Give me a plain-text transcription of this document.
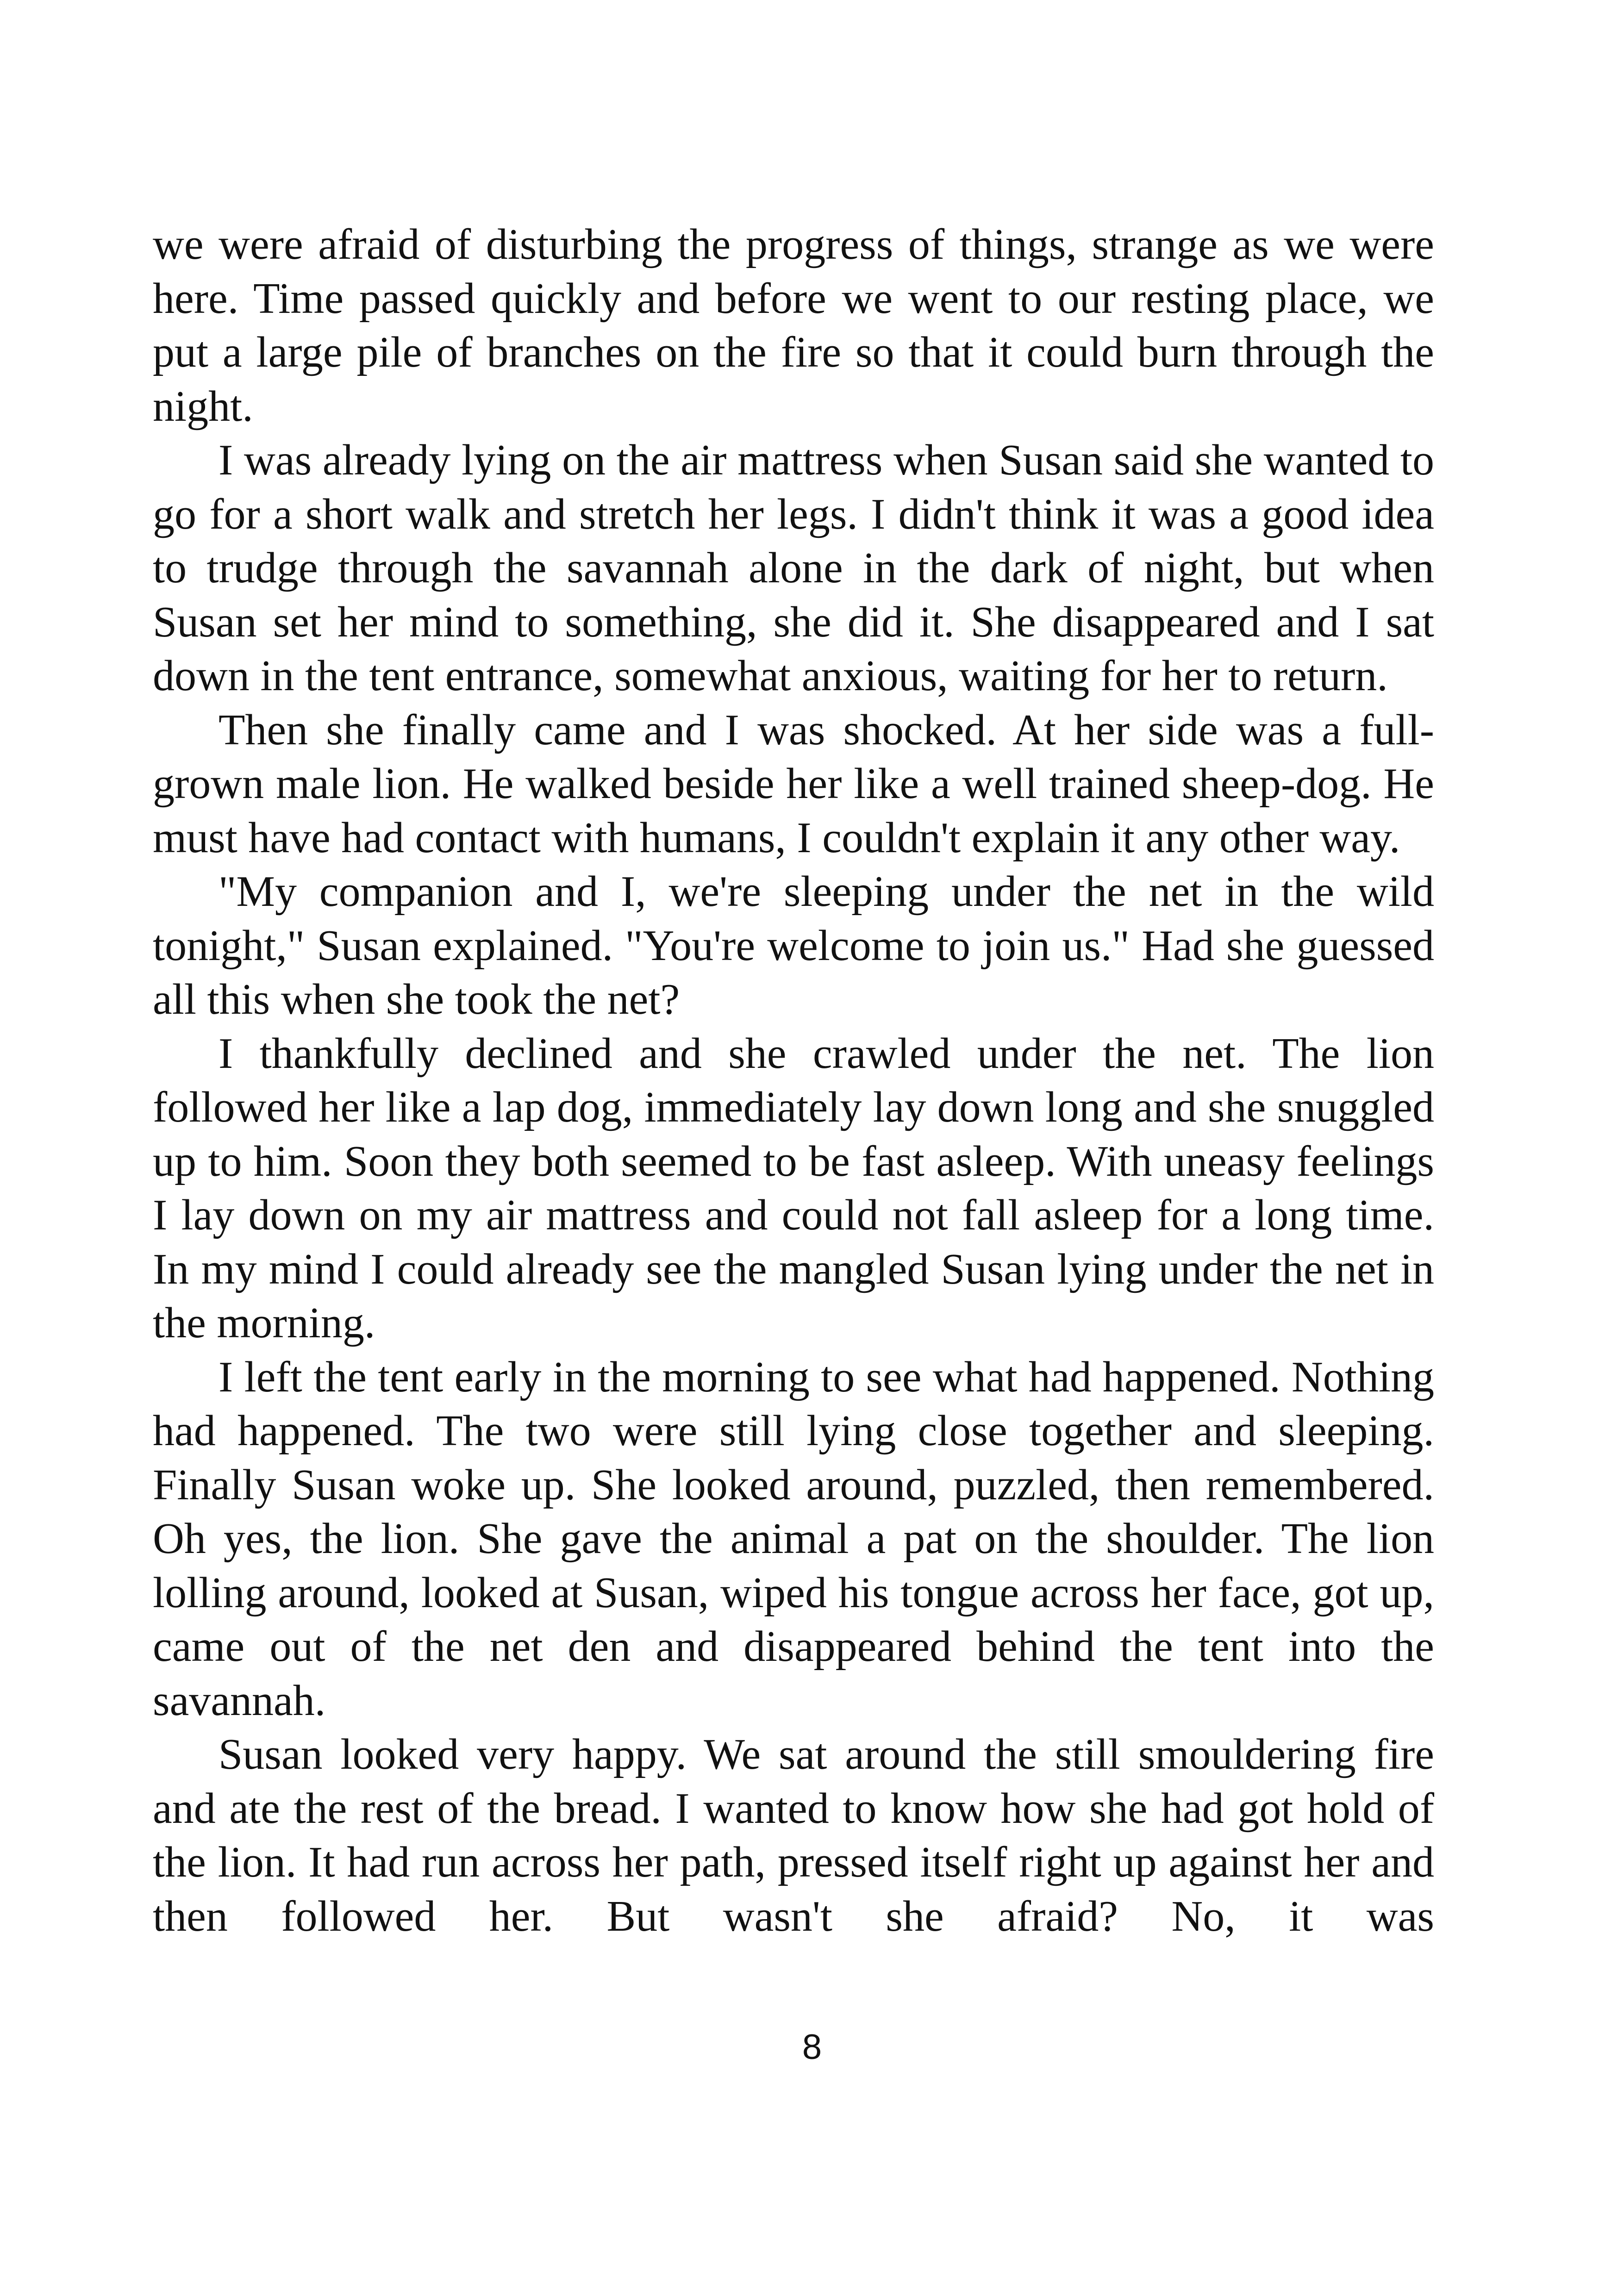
we were afraid of disturbing the progress of things, strange as we were here. Time passed quickly and before we went to our resting place, we put a large pile of branches on the fire so that it could burn through the night.

I was already lying on the air mattress when Susan said she wanted to go for a short walk and stretch her legs. I didn't think it was a good idea to trudge through the savannah alone in the dark of night, but when Susan set her mind to something, she did it. She disappeared and I sat down in the tent entrance, somewhat anxious, waiting for her to return.

Then she finally came and I was shocked. At her side was a full-grown male lion. He walked beside her like a well trained sheep-dog. He must have had contact with humans, I couldn't explain it any other way.

"My companion and I, we're sleeping under the net in the wild tonight," Susan explained. "You're welcome to join us." Had she guessed all this when she took the net?

I thankfully declined and she crawled under the net. The lion followed her like a lap dog, immediately lay down long and she snuggled up to him. Soon they both seemed to be fast asleep. With uneasy feelings I lay down on my air mattress and could not fall asleep for a long time. In my mind I could already see the mangled Susan lying under the net in the morning.

I left the tent early in the morning to see what had happened. Nothing had happened. The two were still lying close together and sleeping. Finally Susan woke up. She looked around, puzzled, then remembered. Oh yes, the lion. She gave the animal a pat on the shoulder. The lion lolling around, looked at Susan, wiped his tongue across her face, got up, came out of the net den and disappeared behind the tent into the savannah.

Susan looked very happy. We sat around the still smouldering fire and ate the rest of the bread. I wanted to know how she had got hold of the lion. It had run across her path, pressed itself right up against her and then followed her. But wasn't she afraid? No, it was

8
